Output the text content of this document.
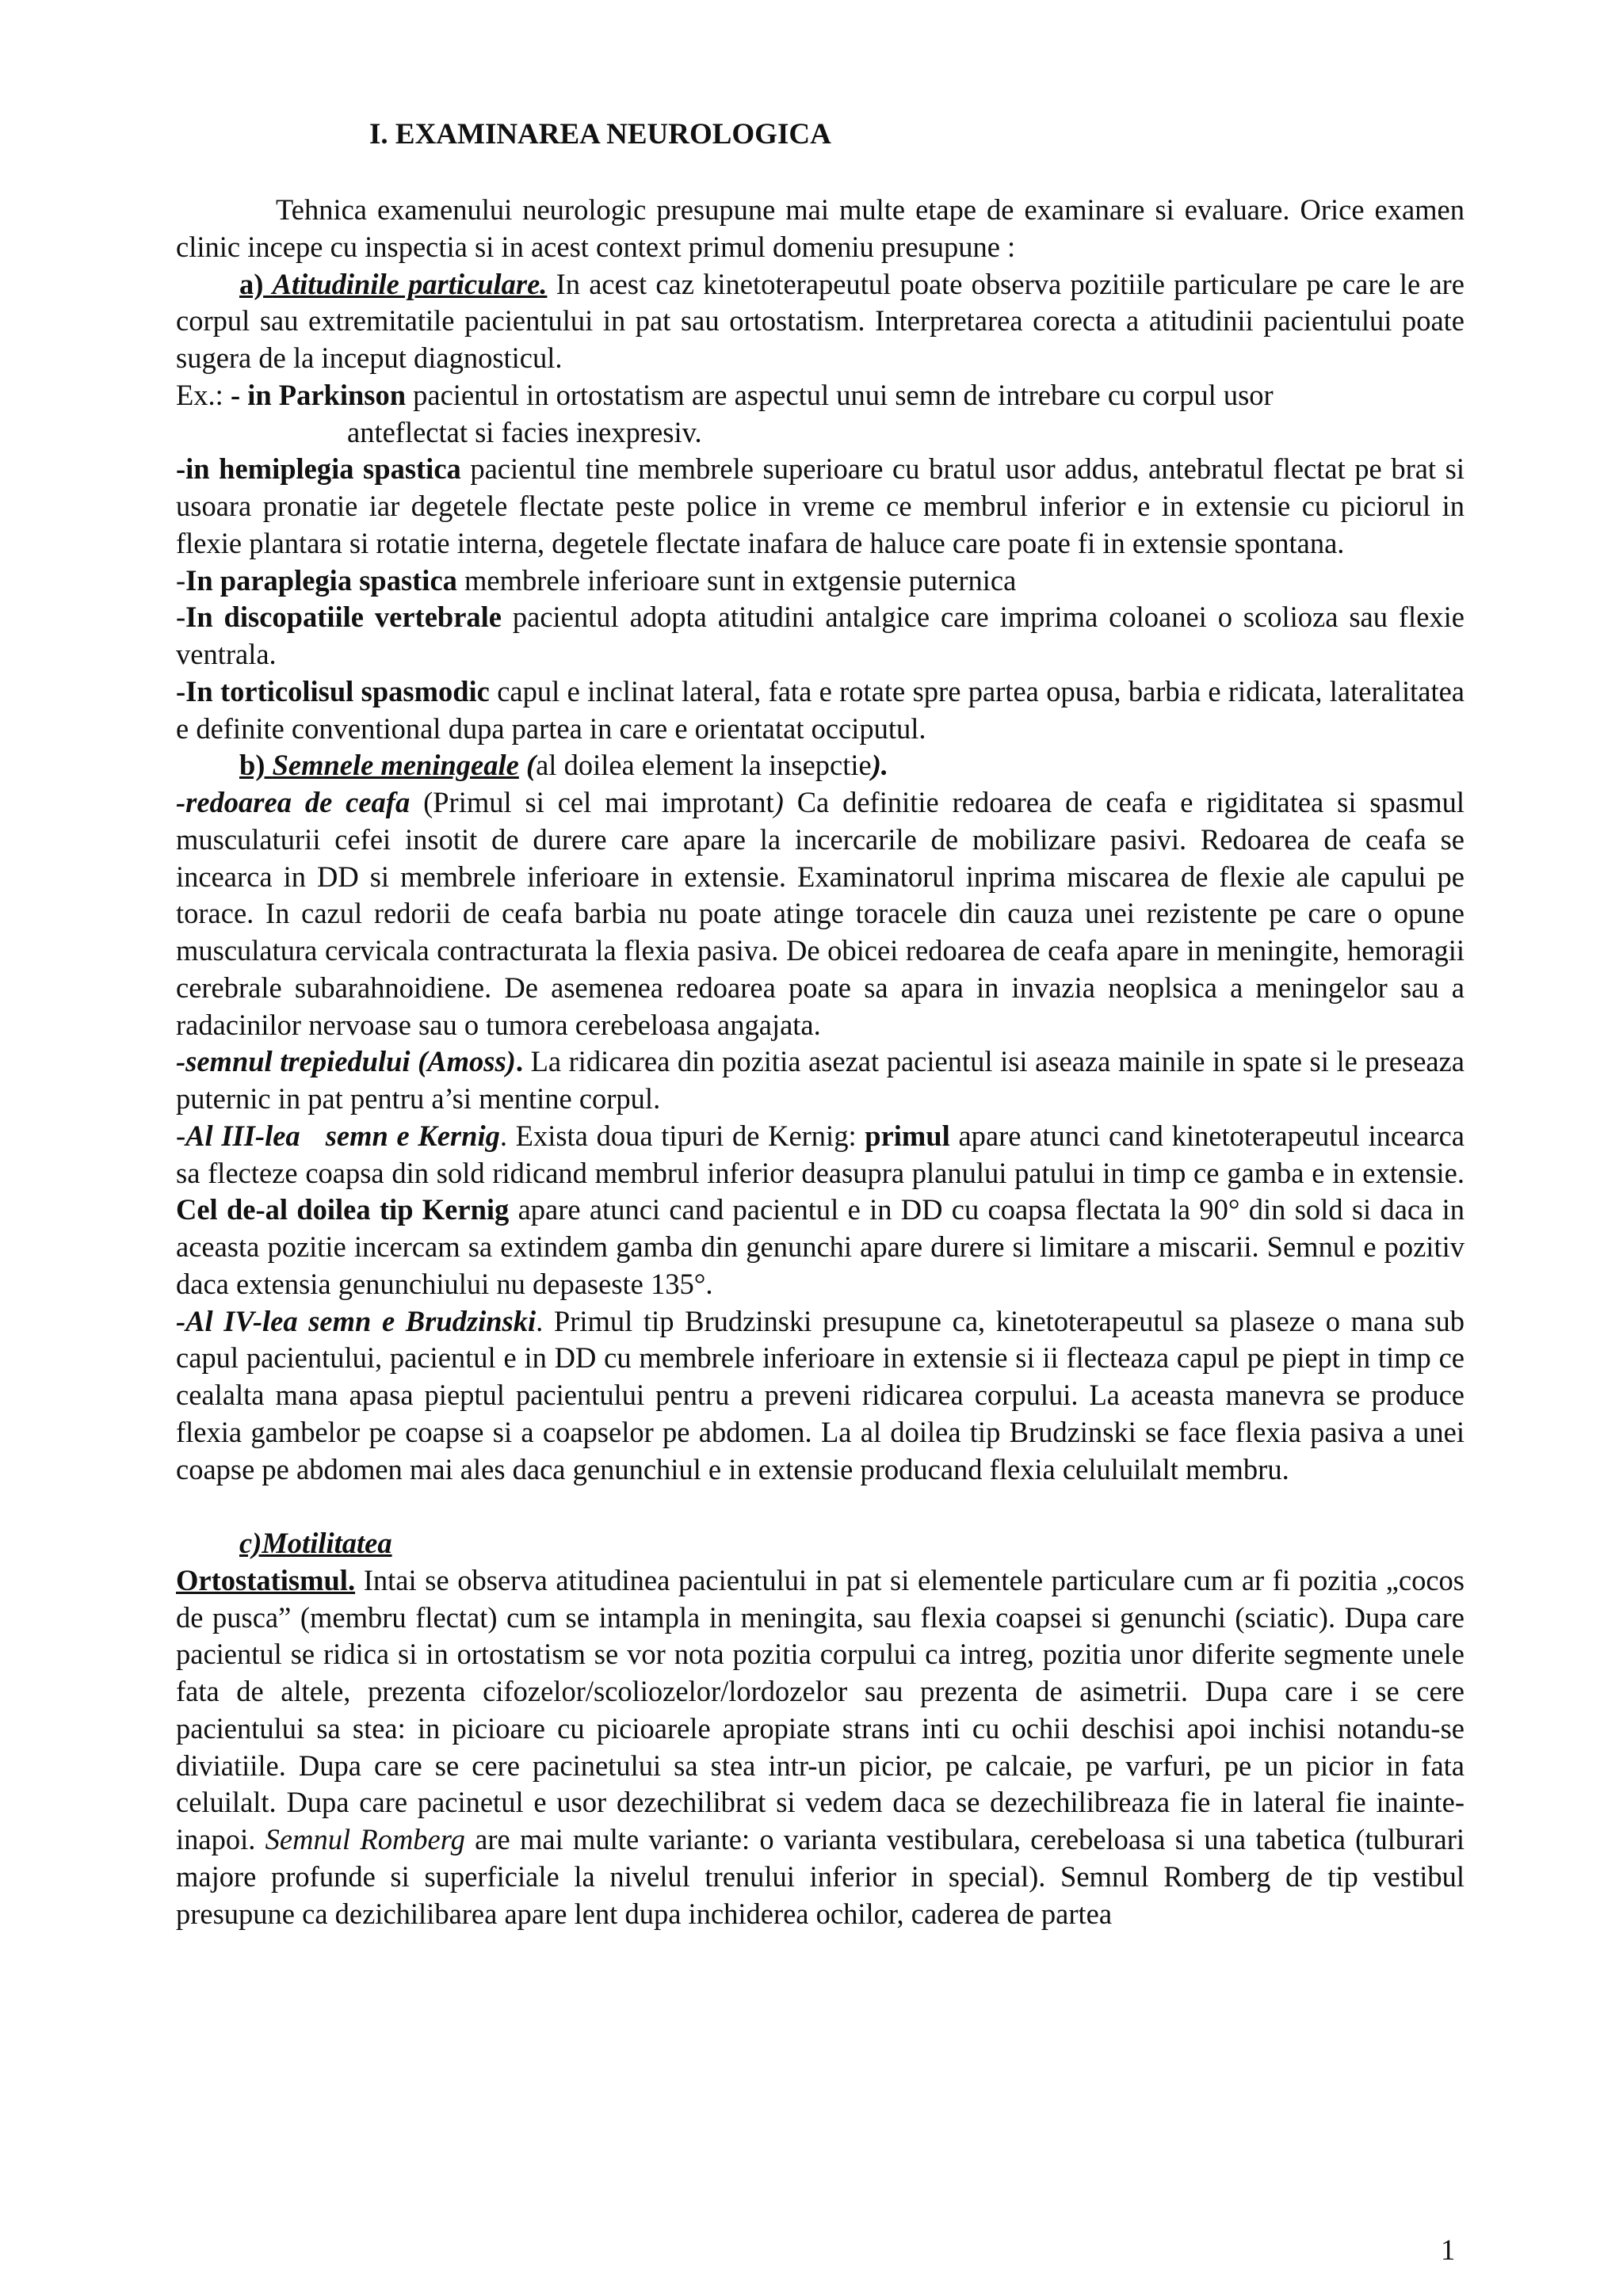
I. EXAMINAREA NEUROLOGICA

Tehnica examenului neurologic presupune mai multe etape de examinare si evaluare. Orice examen clinic incepe cu inspectia si in acest context primul domeniu presupune :

a) Atitudinile particulare. In acest caz kinetoterapeutul poate observa pozitiile particulare pe care le are corpul sau extremitatile pacientului in pat sau ortostatism. Interpretarea corecta a atitudinii pacientului poate sugera de la inceput diagnosticul.

Ex.: - in Parkinson pacientul in ortostatism are aspectul unui semn de intrebare cu corpul usor
anteflectat si facies inexpresiv.

-in hemiplegia spastica pacientul tine membrele superioare cu bratul usor addus, antebratul flectat pe brat si usoara pronatie iar degetele flectate peste police in vreme ce membrul inferior e in extensie cu piciorul in flexie plantara si rotatie interna, degetele flectate inafara de haluce care poate fi in extensie spontana.

-In paraplegia spastica membrele inferioare sunt in extgensie puternica

-In discopatiile vertebrale pacientul adopta atitudini antalgice care imprima coloanei o scolioza sau flexie ventrala.

-In torticolisul spasmodic capul e inclinat lateral, fata e rotate spre partea opusa, barbia e ridicata, lateralitatea e definite conventional dupa partea in care e orientatat occiputul.

b) Semnele meningeale (al doilea element la insepctie).

-redoarea de ceafa (Primul si cel mai improtant) Ca definitie redoarea de ceafa e rigiditatea si spasmul musculaturii cefei insotit de durere care apare la incercarile de mobilizare pasivi. Redoarea de ceafa se incearca in DD si membrele inferioare in extensie. Examinatorul inprima miscarea de flexie ale capului pe torace. In cazul redorii de ceafa barbia nu poate atinge toracele din cauza unei rezistente pe care o opune musculatura cervicala contracturata la flexia pasiva. De obicei redoarea de ceafa apare in meningite, hemoragii cerebrale subarahnoidiene. De asemenea redoarea poate sa apara in invazia neoplsica a meningelor sau a radacinilor nervoase sau o tumora cerebeloasa angajata.

-semnul trepiedului (Amoss). La ridicarea din pozitia asezat pacientul isi aseaza mainile in spate si le preseaza puternic in pat pentru a’si mentine corpul.

-Al III-lea   semn e Kernig. Exista doua tipuri de Kernig: primul apare atunci cand kinetoterapeutul incearca sa flecteze coapsa din sold ridicand membrul inferior deasupra planului patului in timp ce gamba e in extensie. Cel de-al doilea tip Kernig apare atunci cand pacientul e in DD cu coapsa flectata la 90° din sold si daca in aceasta pozitie incercam sa extindem gamba din genunchi apare durere si limitare a miscarii. Semnul e pozitiv daca extensia genunchiului nu depaseste 135°.

-Al IV-lea semn e Brudzinski. Primul tip Brudzinski presupune ca, kinetoterapeutul sa plaseze o mana sub capul pacientului, pacientul e in DD cu membrele inferioare in extensie si ii flecteaza capul pe piept in timp ce cealalta mana apasa pieptul pacientului pentru a preveni ridicarea corpului. La aceasta manevra se produce flexia gambelor pe coapse si a coapselor pe abdomen. La al doilea tip Brudzinski se face flexia pasiva a unei coapse pe abdomen mai ales daca genunchiul e in extensie producand flexia celuluilalt membru.

c)Motilitatea

Ortostatismul. Intai se observa atitudinea pacientului in pat si elementele particulare cum ar fi pozitia „cocos de pusca” (membru flectat) cum se intampla in meningita, sau flexia coapsei si genunchi (sciatic). Dupa care pacientul se ridica si in ortostatism se vor nota pozitia corpului ca intreg, pozitia unor diferite segmente unele fata de altele, prezenta cifozelor/scoliozelor/lordozelor sau prezenta de asimetrii. Dupa care i se cere pacientului sa stea: in picioare cu picioarele apropiate strans inti cu ochii deschisi apoi inchisi notandu-se diviatiile. Dupa care se cere pacinetului sa stea intr-un picior, pe calcaie, pe varfuri, pe un picior in fata celuilalt. Dupa care pacinetul e usor dezechilibrat si vedem daca se dezechilibreaza fie in lateral fie inainte-inapoi. Semnul Romberg are mai multe variante: o varianta vestibulara, cerebeloasa si una tabetica (tulburari majore profunde si superficiale la nivelul trenului inferior in special). Semnul Romberg de tip vestibul presupune ca dezichilibarea apare lent dupa inchiderea ochilor, caderea de partea

1
